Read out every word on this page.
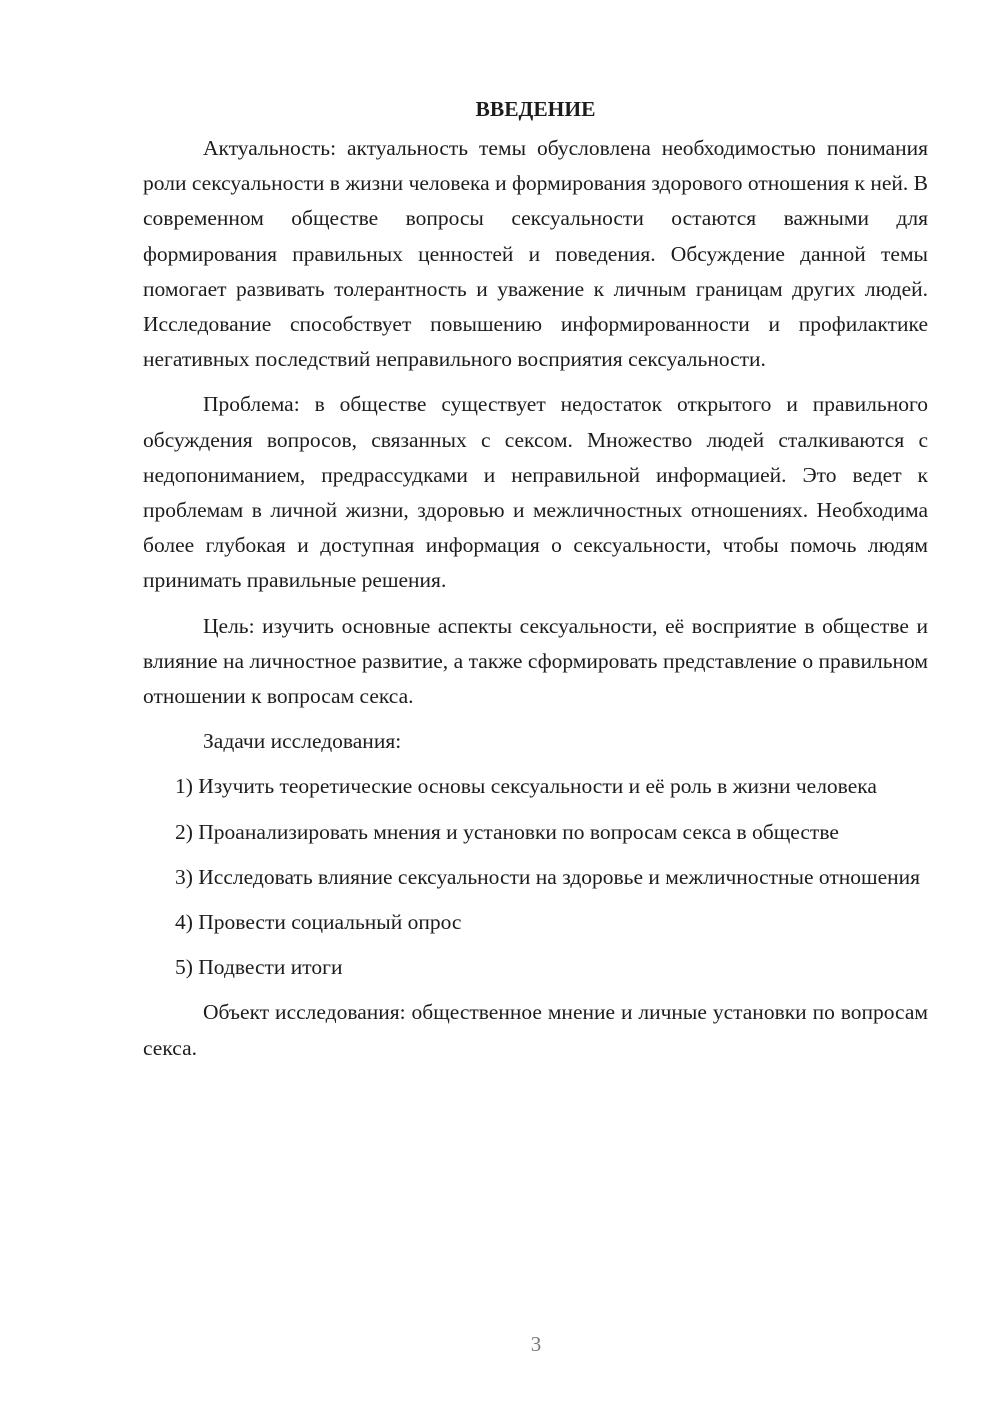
ВВЕДЕНИЕ

Актуальность: актуальность темы обусловлена необходимостью понимания роли сексуальности в жизни человека и формирования здорового отношения к ней. В современном обществе вопросы сексуальности остаются важными для формирования правильных ценностей и поведения. Обсуждение данной темы помогает развивать толерантность и уважение к личным границам других людей. Исследование способствует повышению информированности и профилактике негативных последствий неправильного восприятия сексуальности.

Проблема: в обществе существует недостаток открытого и правильного обсуждения вопросов, связанных с сексом. Множество людей сталкиваются с недопониманием, предрассудками и неправильной информацией. Это ведет к проблемам в личной жизни, здоровью и межличностных отношениях. Необходима более глубокая и доступная информация о сексуальности, чтобы помочь людям принимать правильные решения.

Цель: изучить основные аспекты сексуальности, её восприятие в обществе и влияние на личностное развитие, а также сформировать представление о правильном отношении к вопросам секса.

Задачи исследования:

1) Изучить теоретические основы сексуальности и её роль в жизни человека

2) Проанализировать мнения и установки по вопросам секса в обществе

3) Исследовать влияние сексуальности на здоровье и межличностные отношения

4) Провести социальный опрос

5) Подвести итоги

Объект исследования: общественное мнение и личные установки по вопросам секса.

3
